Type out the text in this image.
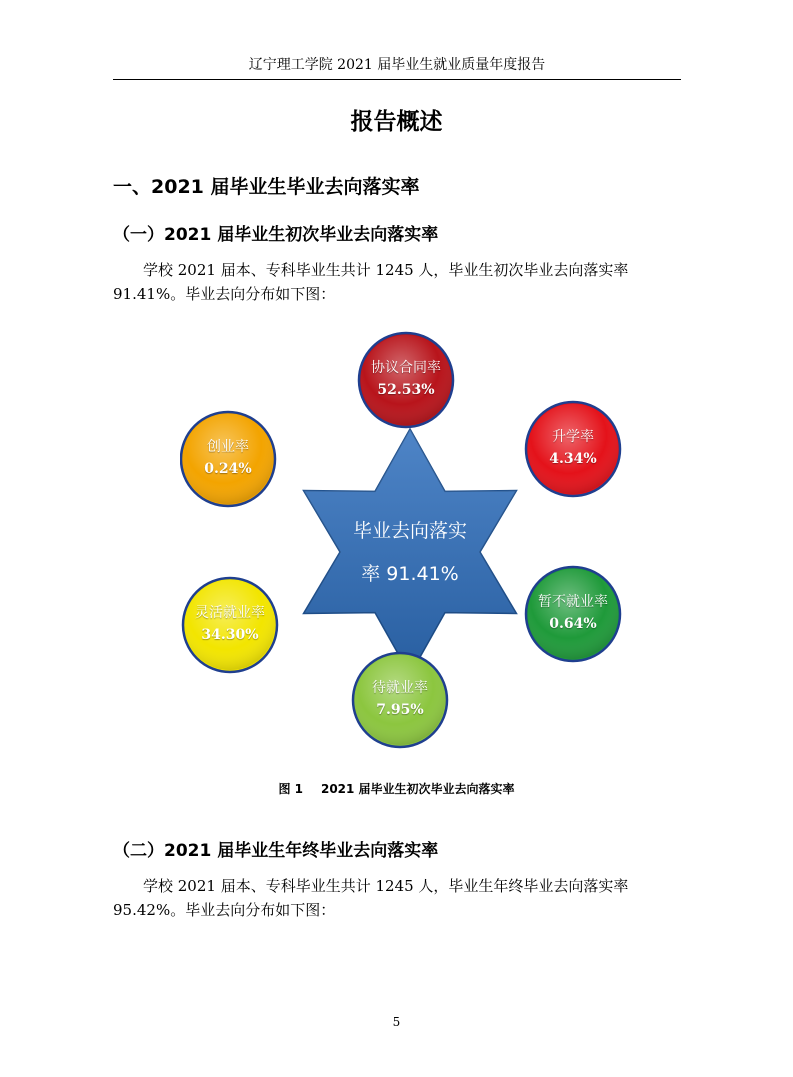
辽宁理工学院 2021 届毕业生就业质量年度报告
报告概述
一、2021 届毕业生毕业去向落实率
（一）2021 届毕业生初次毕业去向落实率
学校 2021 届本、专科毕业生共计 1245 人，毕业生初次毕业去向落实率 91.41%。毕业去向分布如下图：
毕业去向落实
率 91.41%
协议合同率
52.53%
升学率
4.34%
暂不就业率
0.64%
待就业率
7.95%
灵活就业率
34.30%
创业率
0.24%
图 1 2021 届毕业生初次毕业去向落实率
（二）2021 届毕业生年终毕业去向落实率
学校 2021 届本、专科毕业生共计 1245 人，毕业生年终毕业去向落实率 95.42%。毕业去向分布如下图：
5
